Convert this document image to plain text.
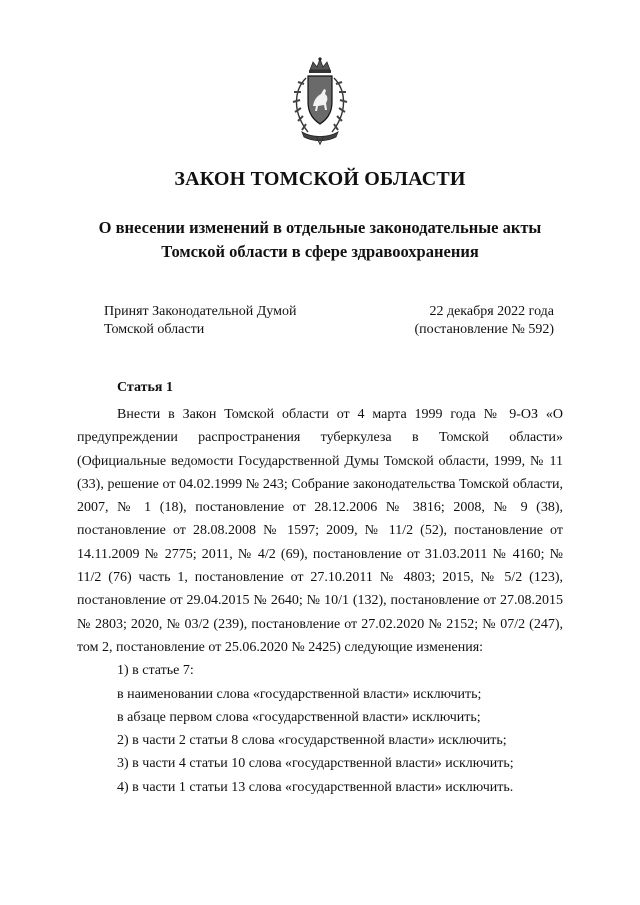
ЗАКОН ТОМСКОЙ ОБЛАСТИ
О внесении изменений в отдельные законодательные акты
Томской области в сфере здравоохранения
Принят Законодательной Думой
Томской области
22 декабря 2022 года
(постановление № 592)
Статья 1

Внести в Закон Томской области от 4 марта 1999 года № 9-ОЗ «О предупреждении распространения туберкулеза в Томской области» (Официальные ведомости Государственной Думы Томской области, 1999, № 11 (33), решение от 04.02.1999 № 243; Собрание законодательства Томской области, 2007, № 1 (18), постановление от 28.12.2006 № 3816; 2008, № 9 (38), постановление от 28.08.2008 № 1597; 2009, № 11/2 (52), постановление от 14.11.2009 № 2775; 2011, № 4/2 (69), постановление от 31.03.2011 № 4160; № 11/2 (76) часть 1, постановление от 27.10.2011 № 4803; 2015, № 5/2 (123), постановление от 29.04.2015 № 2640; № 10/1 (132), постановление от 27.08.2015 № 2803; 2020, № 03/2 (239), постановление от 27.02.2020 № 2152; № 07/2 (247), том 2, постановление от 25.06.2020 № 2425) следующие изменения:

1) в статье 7:

в наименовании слова «государственной власти» исключить;

в абзаце первом слова «государственной власти» исключить;

2) в части 2 статьи 8 слова «государственной власти» исключить;

3) в части 4 статьи 10 слова «государственной власти» исключить;

4) в части 1 статьи 13 слова «государственной власти» исключить.
